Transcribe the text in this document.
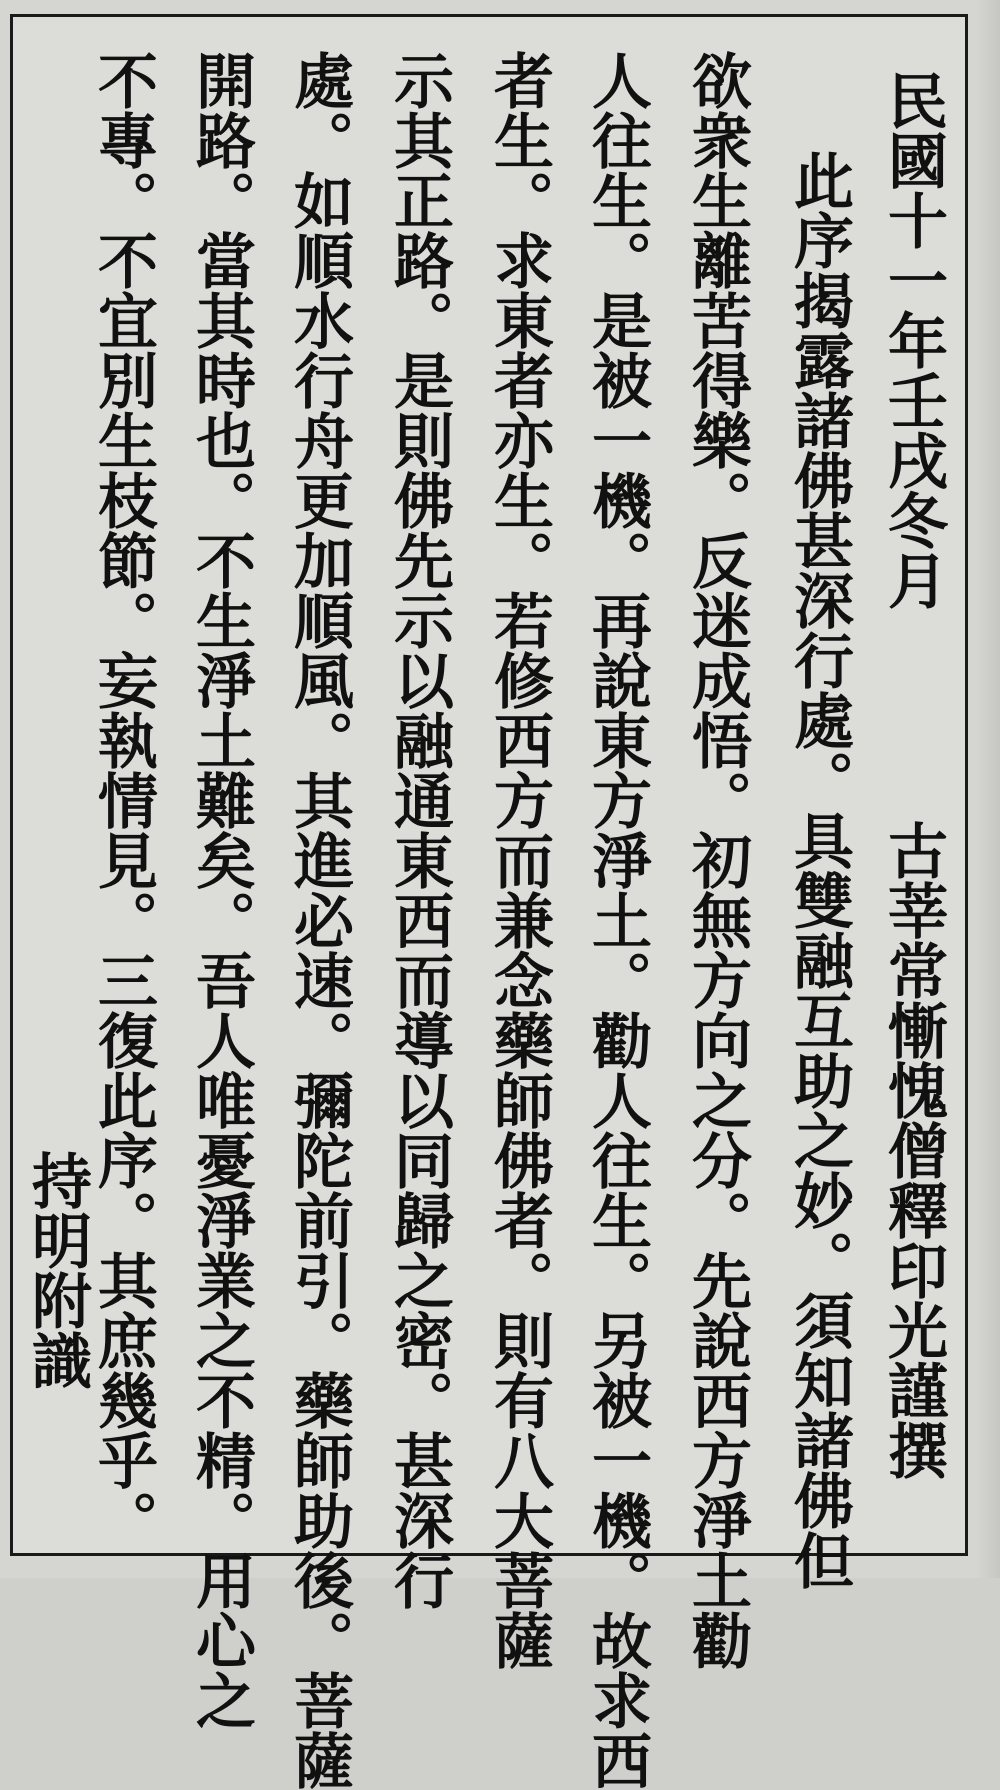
民國十一年壬戌冬月
古莘常慚愧僧釋印光謹撰
此序揭露諸佛甚深行處。具雙融互助之妙。須知諸佛但
欲衆生離苦得樂。反迷成悟。初無方向之分。先說西方淨土勸
人往生。是被一機。再說東方淨土。勸人往生。另被一機。故求西
者生。求東者亦生。若修西方而兼念藥師佛者。則有八大菩薩
示其正路。是則佛先示以融通東西而導以同歸之密。甚深行
處。如順水行舟更加順風。其進必速。彌陀前引。藥師助後。菩薩
開路。當其時也。不生淨土難矣。吾人唯憂淨業之不精。用心之
不專。不宜別生枝節。妄執情見。三復此序。其庶幾乎。
持明附識
